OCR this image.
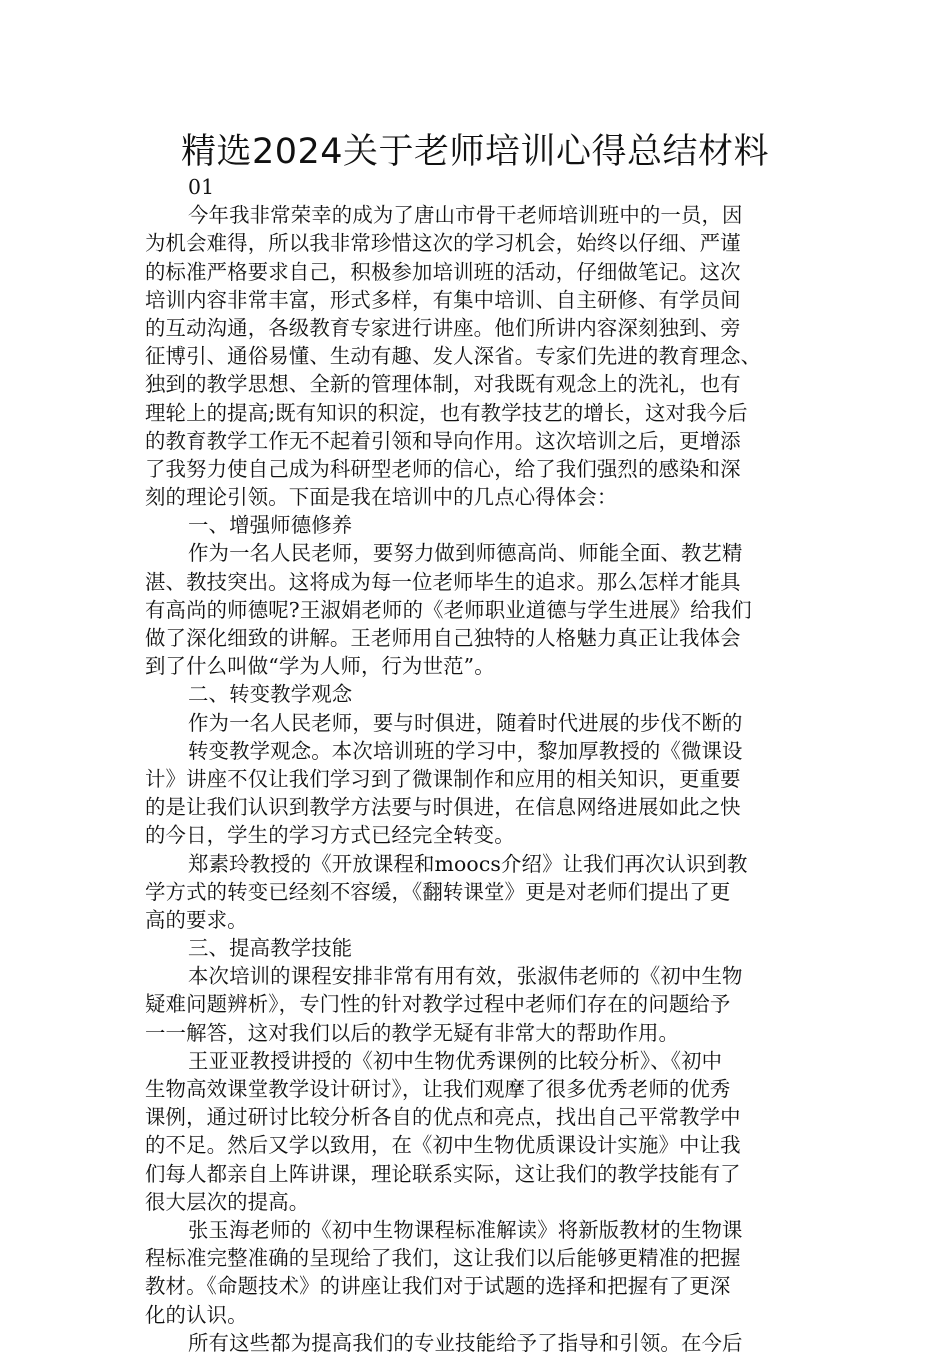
精选2024关于老师培训心得总结材料
01
今年我非常荣幸的成为了唐山市骨干老师培训班中的一员，因
为机会难得，所以我非常珍惜这次的学习机会，始终以仔细、严谨
的标准严格要求自己，积极参加培训班的活动，仔细做笔记。这次
培训内容非常丰富，形式多样，有集中培训、自主研修、有学员间
的互动沟通，各级教育专家进行讲座。他们所讲内容深刻独到、旁
征博引、通俗易懂、生动有趣、发人深省。专家们先进的教育理念、
独到的教学思想、全新的管理体制，对我既有观念上的洗礼，也有
理轮上的提高;既有知识的积淀，也有教学技艺的增长，这对我今后
的教育教学工作无不起着引领和导向作用。这次培训之后，更增添
了我努力使自己成为科研型老师的信心，给了我们强烈的感染和深
刻的理论引领。下面是我在培训中的几点心得体会：
一、增强师德修养
作为一名人民老师，要努力做到师德高尚、师能全面、教艺精
湛、教技突出。这将成为每一位老师毕生的追求。那么怎样才能具
有高尚的师德呢?王淑娟老师的《老师职业道德与学生进展》给我们
做了深化细致的讲解。王老师用自己独特的人格魅力真正让我体会
到了什么叫做“学为人师，行为世范”。
二、转变教学观念
作为一名人民老师，要与时俱进，随着时代进展的步伐不断的
转变教学观念。本次培训班的学习中，黎加厚教授的《微课设
计》讲座不仅让我们学习到了微课制作和应用的相关知识，更重要
的是让我们认识到教学方法要与时俱进，在信息网络进展如此之快
的今日，学生的学习方式已经完全转变。
郑素玲教授的《开放课程和moocs介绍》让我们再次认识到教
学方式的转变已经刻不容缓，《翻转课堂》更是对老师们提出了更
高的要求。
三、提高教学技能
本次培训的课程安排非常有用有效，张淑伟老师的《初中生物
疑难问题辨析》，专门性的针对教学过程中老师们存在的问题给予
一一解答，这对我们以后的教学无疑有非常大的帮助作用。
王亚亚教授讲授的《初中生物优秀课例的比较分析》、《初中
生物高效课堂教学设计研讨》，让我们观摩了很多优秀老师的优秀
课例，通过研讨比较分析各自的优点和亮点，找出自己平常教学中
的不足。然后又学以致用，在《初中生物优质课设计实施》中让我
们每人都亲自上阵讲课，理论联系实际，这让我们的教学技能有了
很大层次的提高。
张玉海老师的《初中生物课程标准解读》将新版教材的生物课
程标准完整准确的呈现给了我们，这让我们以后能够更精准的把握
教材。《命题技术》的讲座让我们对于试题的选择和把握有了更深
化的认识。
所有这些都为提高我们的专业技能给予了指导和引领。在今后
